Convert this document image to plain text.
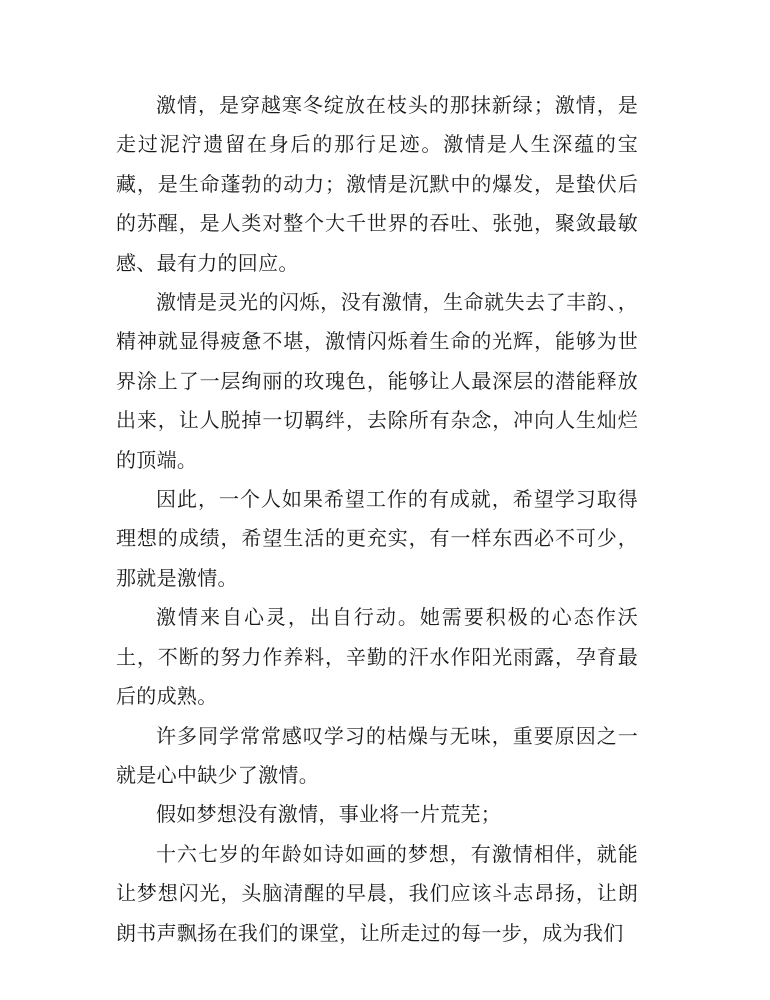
激情，是穿越寒冬绽放在枝头的那抹新绿；激情，是走过泥泞遗留在身后的那行足迹。激情是人生深蕴的宝藏，是生命蓬勃的动力；激情是沉默中的爆发，是蛰伏后的苏醒，是人类对整个大千世界的吞吐、张弛，聚敛最敏感、最有力的回应。

激情是灵光的闪烁，没有激情，生命就失去了丰韵、，精神就显得疲惫不堪，激情闪烁着生命的光辉，能够为世界涂上了一层绚丽的玫瑰色，能够让人最深层的潜能释放出来，让人脱掉一切羁绊，去除所有杂念，冲向人生灿烂的顶端。

因此，一个人如果希望工作的有成就，希望学习取得理想的成绩，希望生活的更充实，有一样东西必不可少，那就是激情。

激情来自心灵，出自行动。她需要积极的心态作沃土，不断的努力作养料，辛勤的汗水作阳光雨露，孕育最后的成熟。

许多同学常常感叹学习的枯燥与无味，重要原因之一就是心中缺少了激情。

假如梦想没有激情，事业将一片荒芜；

十六七岁的年龄如诗如画的梦想，有激情相伴，就能让梦想闪光，头脑清醒的早晨，我们应该斗志昂扬，让朗朗书声飘扬在我们的课堂，让所走过的每一步，成为我们
